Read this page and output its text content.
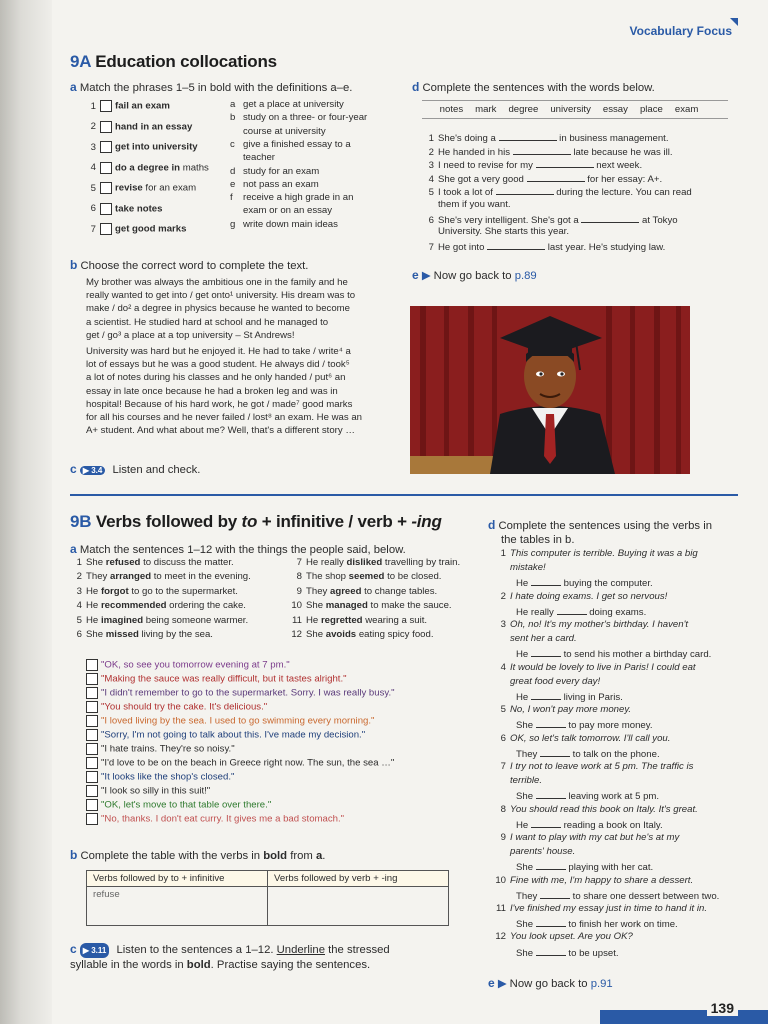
Vocabulary Focus
9A Education collocations
a Match the phrases 1–5 in bold with the definitions a–e.
1 fail an exam
2 hand in an essay
3 get into university
4 do a degree in maths
5 revise for an exam
6 take notes
7 get good marks
a get a place at university
b study on a three- or four-year
course at university
c give a finished essay to a
teacher
d study for an exam
e not pass an exam
f receive a high grade in an
exam or on an essay
g write down main ideas
b Choose the correct word to complete the text.

My brother was always the ambitious one in the family and he
really wanted to get into / get onto¹ university. His dream was to
make / do² a degree in physics because he wanted to become
a scientist. He studied hard at school and he managed to
get / go³ a place at a top university – St Andrews!

University was hard but he enjoyed it. He had to take / write⁴ a
lot of essays but he was a good student. He always did / took⁵
a lot of notes during his classes and he only handed / put⁶ an
essay in late once because he had a broken leg and was in
hospital! Because of his hard work, he got / made⁷ good marks
for all his courses and he never failed / lost⁸ an exam. He was an
A+ student. And what about me? Well, that's a different story …

c ▶ 3.4 Listen and check.
d Complete the sentences with the words below.
notes mark degree university essay place exam
1 She's doing a	in business management.
2 He handed in his	late because he was ill.
3 I need to revise for my	next week.
4 She got a very good	for her essay: A+.
5 I took a lot of	during the lecture. You can read
them if you want.
6 She's very intelligent. She's got a	at Tokyo
University. She starts this year.
7 He got into	last year. He's studying law.
e ▶ Now go back to p.89
9B Verbs followed by to + infinitive / verb + -ing
a Match the sentences 1–12 with the things the people said, below.
1 She refused to discuss the matter.
2 They arranged to meet in the evening.
3 He forgot to go to the supermarket.
4 He recommended ordering the cake.
5 He imagined being someone warmer.
6 She missed living by the sea.
7 He really disliked travelling by train.
8 The shop seemed to be closed.
9 They agreed to change tables.
10 She managed to make the sauce.
11 He regretted wearing a suit.
12 She avoids eating spicy food.
"OK, so see you tomorrow evening at 7 pm."
"Making the sauce was really difficult, but it tastes alright."
"I didn't remember to go to the supermarket. Sorry. I was really busy."
"You should try the cake. It's delicious."
"I loved living by the sea. I used to go swimming every morning."
"Sorry, I'm not going to talk about this. I've made my decision."
"I hate trains. They're so noisy."
"I'd love to be on the beach in Greece right now. The sun, the sea …"
"It looks like the shop's closed."
"I look so silly in this suit!"
"OK, let's move to that table over there."
"No, thanks. I don't eat curry. It gives me a bad stomach."
b Complete the table with the verbs in bold from a.
Verbs followed by to + infinitive	Verbs followed by verb + -ing
refuse	
c ▶ 3.11 Listen to the sentences a 1–12. Underline the stressed
syllable in the words in bold. Practise saying the sentences.
d Complete the sentences using the verbs in
the tables in b.
1 This computer is terrible. Buying it was a big
mistake!
He	buying the computer.
2 I hate doing exams. I get so nervous!
He really	doing exams.
3 Oh, no! It's my mother's birthday. I haven't
sent her a card.
He	to send his mother a birthday card.
4 It would be lovely to live in Paris! I could eat
great food every day!
He	living in Paris.
5 No, I won't pay more money.
She	to pay more money.
6 OK, so let's talk tomorrow. I'll call you.
They	to talk on the phone.
7 I try not to leave work at 5 pm. The traffic is
terrible.
She	leaving work at 5 pm.
8 You should read this book on Italy. It's great.
He	reading a book on Italy.
9 I want to play with my cat but he's at my
parents' house.
She	playing with her cat.
10 Fine with me, I'm happy to share a dessert.
They	to share one dessert between two.
11 I've finished my essay just in time to hand it in.
She	to finish her work on time.
12 You look upset. Are you OK?
She	to be upset.
e ▶ Now go back to p.91
139
